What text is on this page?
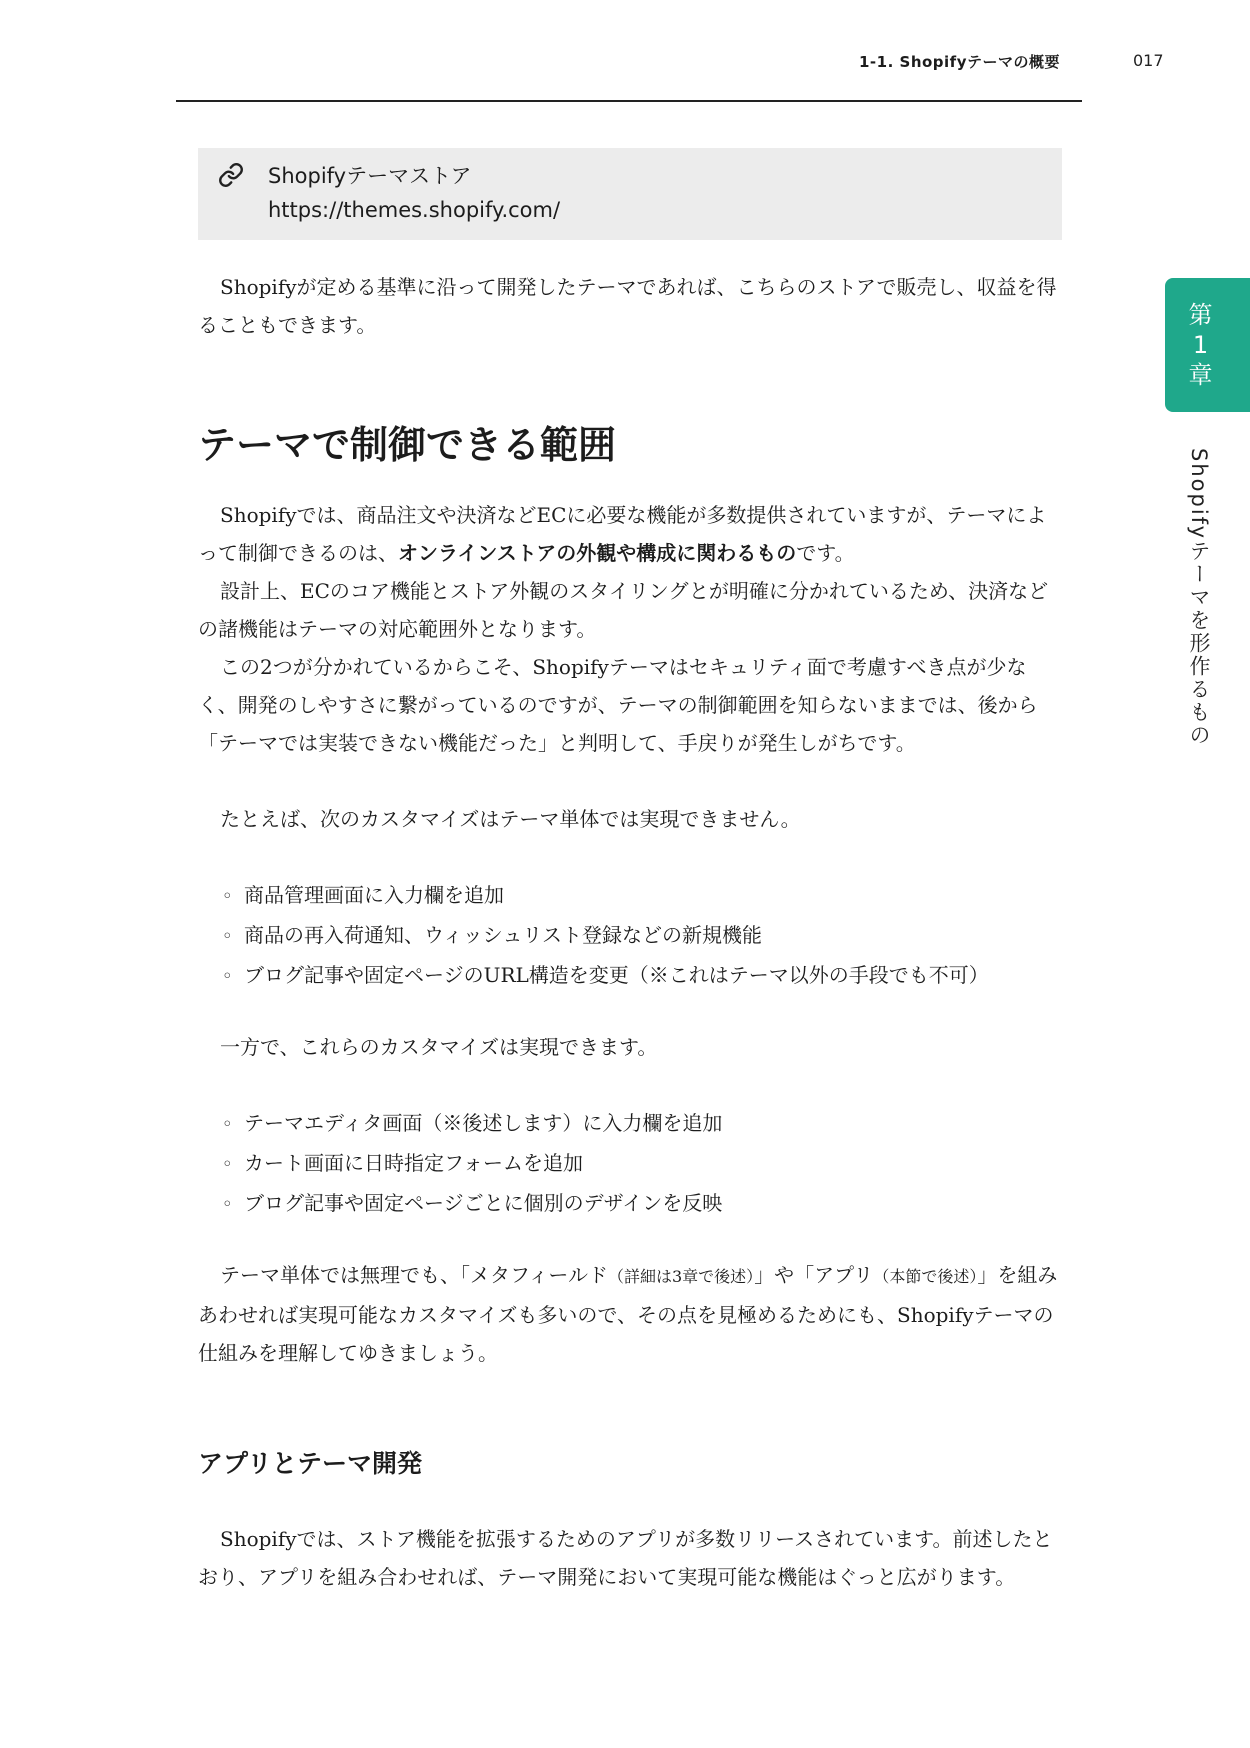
1-1. Shopifyテーマの概要	017
第
1
章
Shopifyテーマを形作るもの
Shopifyテーマストア
https://themes.shopify.com/

Shopifyが定める基準に沿って開発したテーマであれば、こちらのストアで販売し、収益を得ることもできます。

テーマで制御できる範囲

Shopifyでは、商品注文や決済などECに必要な機能が多数提供されていますが、テーマによって制御できるのは、オンラインストアの外観や構成に関わるものです。

設計上、ECのコア機能とストア外観のスタイリングとが明確に分かれているため、決済などの諸機能はテーマの対応範囲外となります。

この2つが分かれているからこそ、Shopifyテーマはセキュリティ面で考慮すべき点が少なく、開発のしやすさに繋がっているのですが、テーマの制御範囲を知らないままでは、後から「テーマでは実装できない機能だった」と判明して、手戻りが発生しがちです。

たとえば、次のカスタマイズはテーマ単体では実現できません。

◦ 商品管理画面に入力欄を追加
◦ 商品の再入荷通知、ウィッシュリスト登録などの新規機能
◦ ブログ記事や固定ページのURL構造を変更（※これはテーマ以外の手段でも不可）

一方で、これらのカスタマイズは実現できます。

◦ テーマエディタ画面（※後述します）に入力欄を追加
◦ カート画面に日時指定フォームを追加
◦ ブログ記事や固定ページごとに個別のデザインを反映

テーマ単体では無理でも、「メタフィールド（詳細は3章で後述）」や「アプリ（本節で後述）」を組みあわせれば実現可能なカスタマイズも多いので、その点を見極めるためにも、Shopifyテーマの仕組みを理解してゆきましょう。

アプリとテーマ開発

Shopifyでは、ストア機能を拡張するためのアプリが多数リリースされています。前述したとおり、アプリを組み合わせれば、テーマ開発において実現可能な機能はぐっと広がります。
